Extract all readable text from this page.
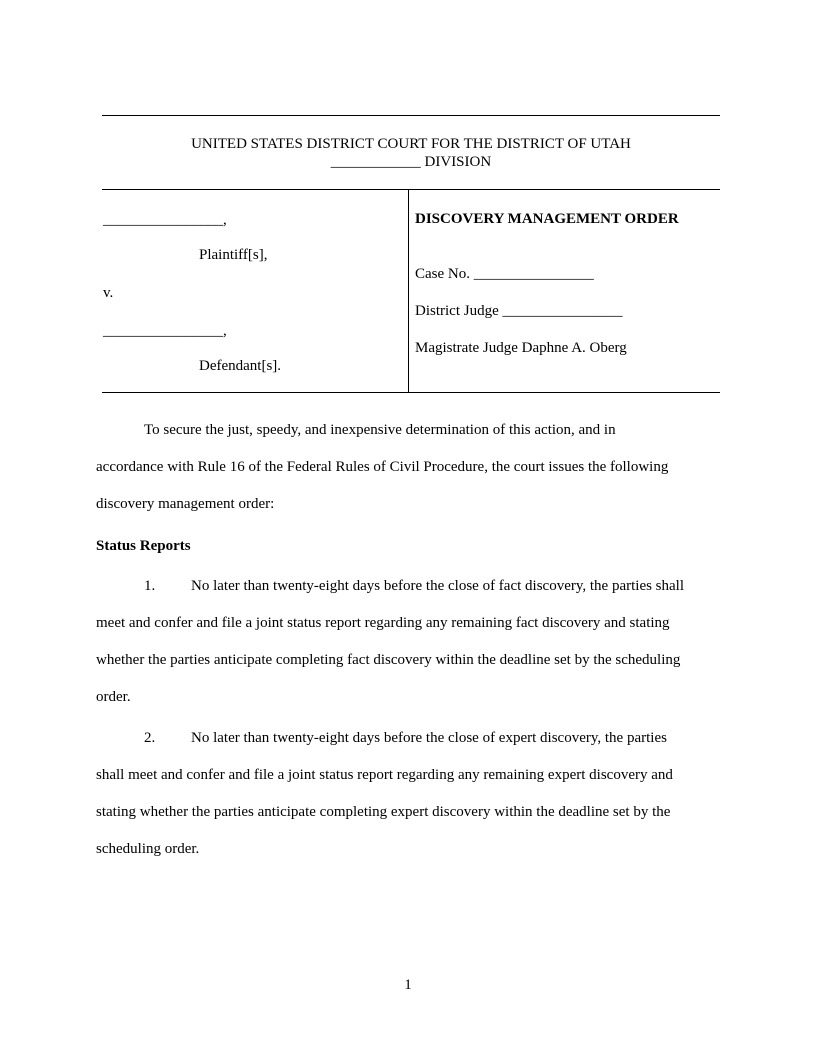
UNITED STATES DISTRICT COURT FOR THE DISTRICT OF UTAH
____________ DIVISION
________________,
Plaintiff[s],
v.
________________,
Defendant[s].
DISCOVERY MANAGEMENT ORDER
Case No. ________________
District Judge ________________
Magistrate Judge Daphne A. Oberg
To secure the just, speedy, and inexpensive determination of this action, and in
accordance with Rule 16 of the Federal Rules of Civil Procedure, the court issues the following
discovery management order:
Status Reports
1. No later than twenty-eight days before the close of fact discovery, the parties shall
meet and confer and file a joint status report regarding any remaining fact discovery and stating
whether the parties anticipate completing fact discovery within the deadline set by the scheduling
order.
2. No later than twenty-eight days before the close of expert discovery, the parties
shall meet and confer and file a joint status report regarding any remaining expert discovery and
stating whether the parties anticipate completing expert discovery within the deadline set by the
scheduling order.
1
